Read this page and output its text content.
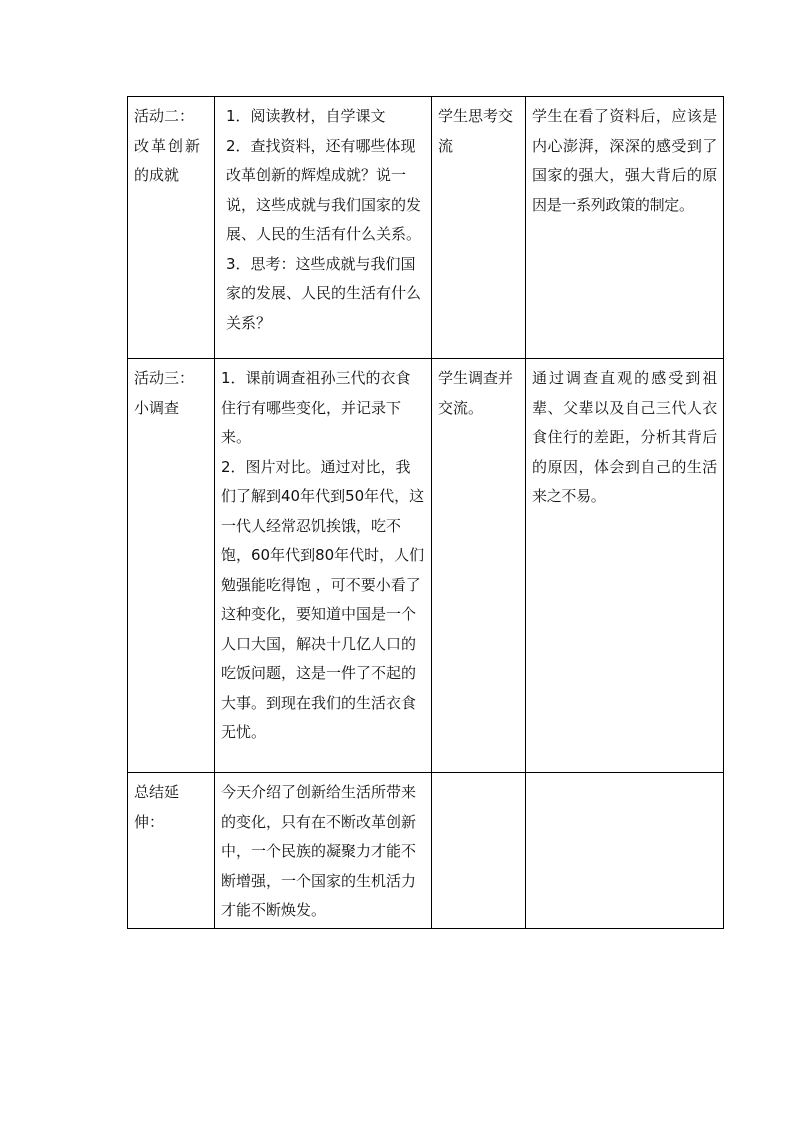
活动二：
改革创新
的成就	1．阅读教材，自学课文
2．查找资料，还有哪些体现改革创新的辉煌成就？说一说，这些成就与我们国家的发展、人民的生活有什么关系。
3．思考：这些成就与我们国家的发展、人民的生活有什么关系？	学生思考交流	学生在看了资料后，应该是内心澎湃，深深的感受到了国家的强大，强大背后的原因是一系列政策的制定。

活动三：
小调查	1．课前调查祖孙三代的衣食住行有哪些变化，并记录下来。
2．图片对比。通过对比，我们了解到40年代到50年代，这一代人经常忍饥挨饿，吃不饱，60年代到80年代时，人们勉强能吃得饱 ，可不要小看了这种变化，要知道中国是一个人口大国，解决十几亿人口的吃饭问题，这是一件了不起的大事。到现在我们的生活衣食无忧。	学生调查并交流。	通过调查直观的感受到祖辈、父辈以及自己三代人衣食住行的差距，分析其背后的原因，体会到自己的生活来之不易。

总结延伸：	今天介绍了创新给生活所带来的变化，只有在不断改革创新中，一个民族的凝聚力才能不断增强，一个国家的生机活力才能不断焕发。		
